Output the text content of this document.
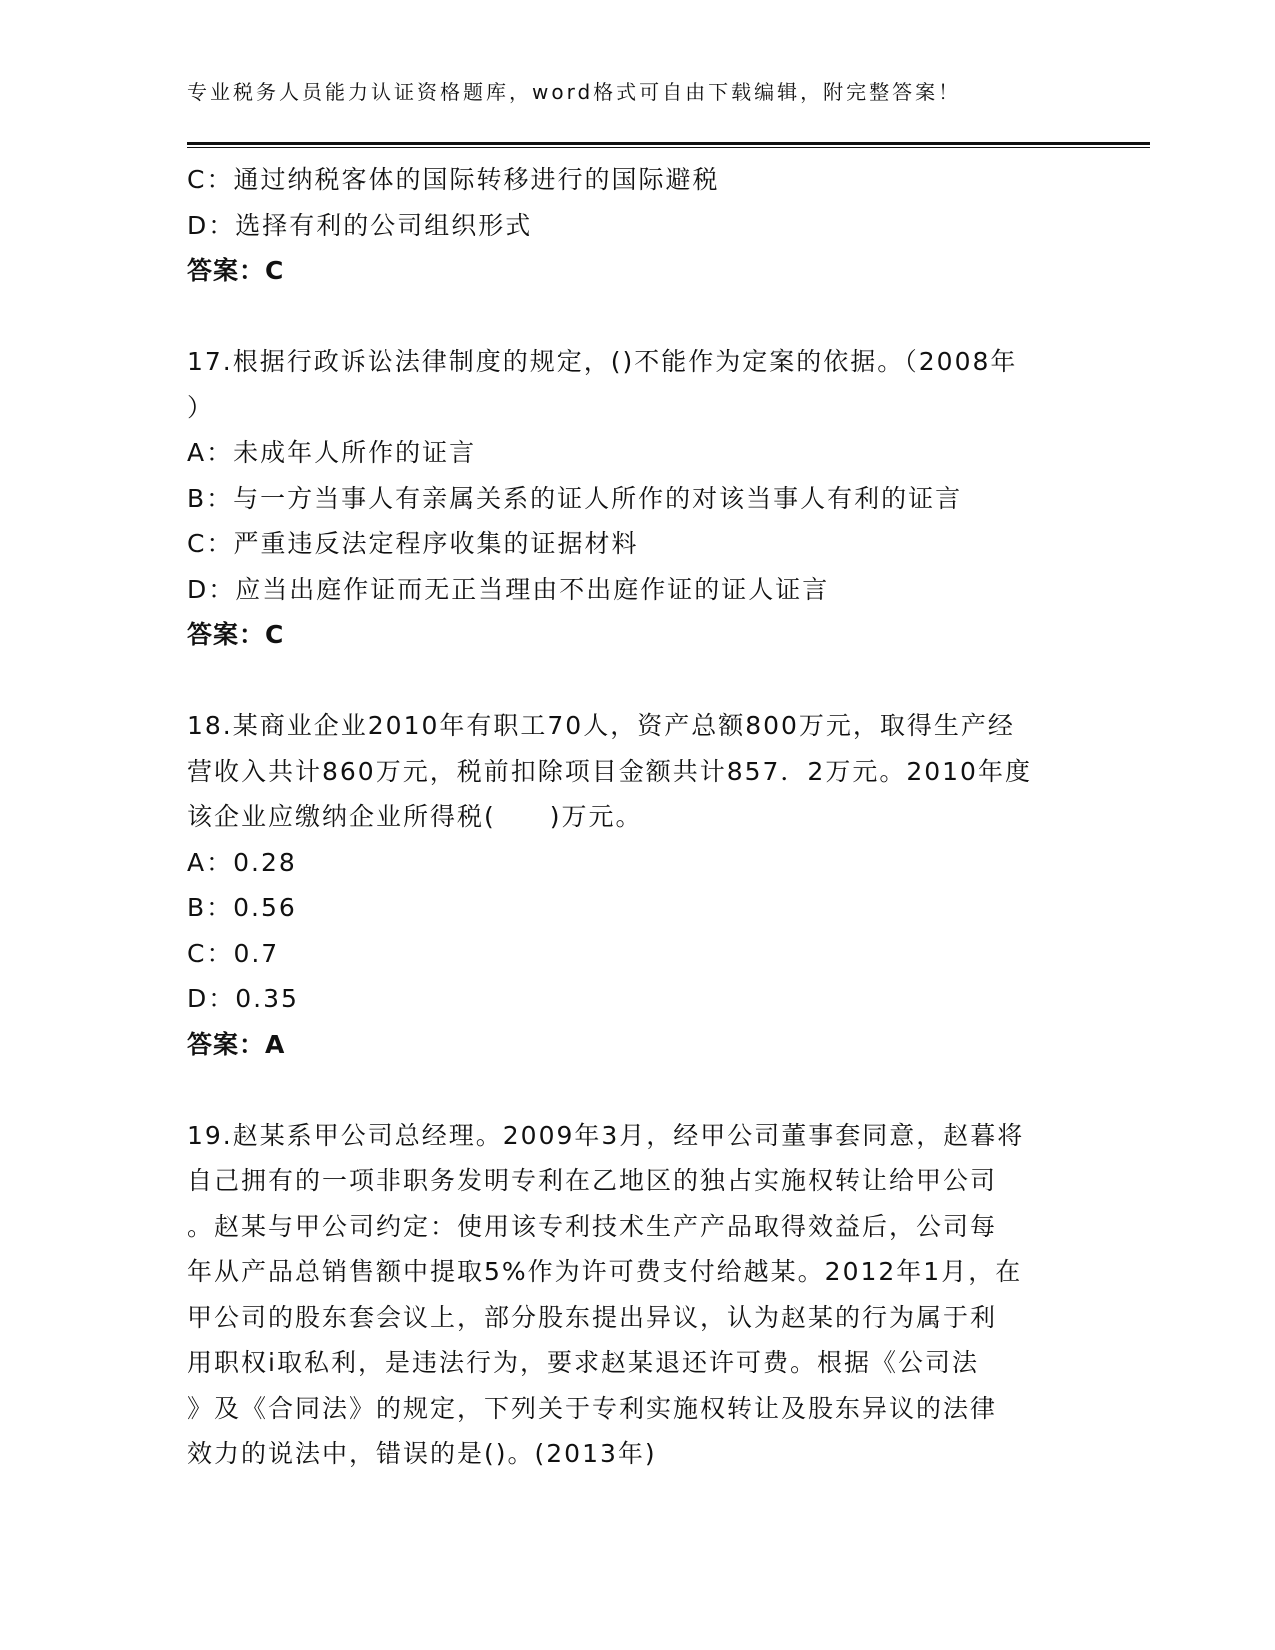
专业税务人员能力认证资格题库，word格式可自由下载编辑，附完整答案！
C：通过纳税客体的国际转移进行的国际避税
D：选择有利的公司组织形式
答案：C
17.根据行政诉讼法律制度的规定，()不能作为定案的依据。（2008年
）
A：未成年人所作的证言
B：与一方当事人有亲属关系的证人所作的对该当事人有利的证言
C：严重违反法定程序收集的证据材料
D：应当出庭作证而无正当理由不出庭作证的证人证言
答案：C
18.某商业企业2010年有职工70人，资产总额800万元，取得生产经
营收入共计860万元，税前扣除项目金额共计857．2万元。2010年度
该企业应缴纳企业所得税(　　)万元。
A：0.28
B：0.56
C：0.7
D：0.35
答案：A
19.赵某系甲公司总经理。2009年3月，经甲公司董事套同意，赵暮将
自己拥有的一项非职务发明专利在乙地区的独占实施权转让给甲公司
。赵某与甲公司约定：使用该专利技术生产产品取得效益后，公司每
年从产品总销售额中提取5%作为许可费支付给越某。2012年1月，在
甲公司的股东套会议上，部分股东提出异议，认为赵某的行为属于利
用职权i取私利，是违法行为，要求赵某退还许可费。根据《公司法
》及《合同法》的规定，下列关于专利实施权转让及股东异议的法律
效力的说法中，错误的是()。(2013年)
